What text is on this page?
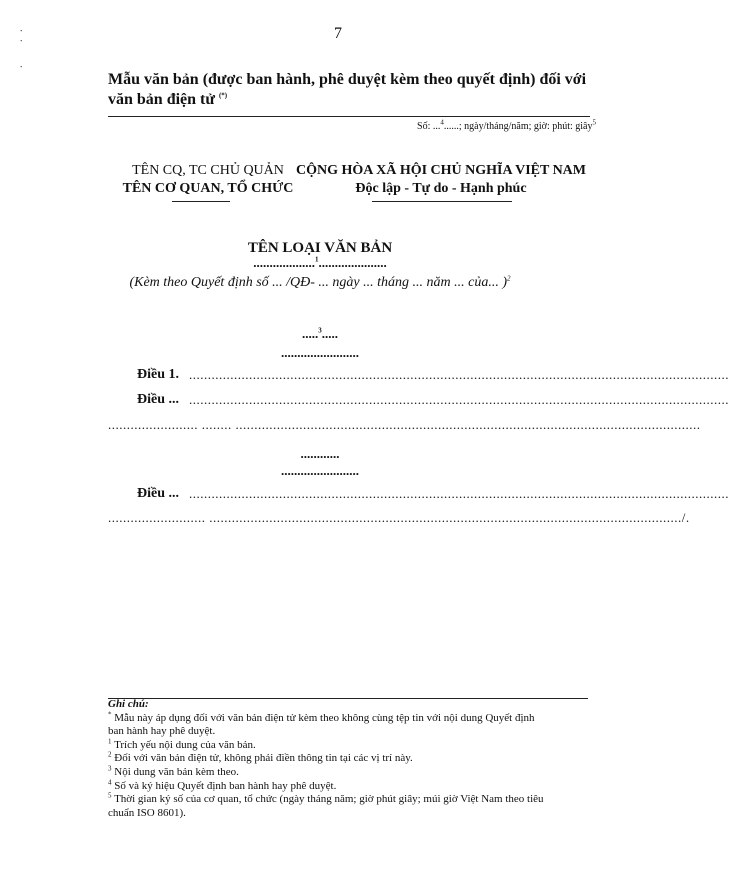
∙
∙
∙
7
Mẫu văn bản (được ban hành, phê duyệt kèm theo quyết định) đối với
văn bản điện tử (*)
Số: ...$^4$......; ngày/tháng/năm; giờ: phút: giây$^5$
TÊN CQ, TC CHỦ QUẢN
TÊN CƠ QUAN, TỔ CHỨC
CỘNG HÒA XÃ HỘI CHỦ NGHĨA VIỆT NAM
Độc lập - Tự do - Hạnh phúc
TÊN LOẠI VĂN BẢN
...................$^1$.....................
(Kèm theo Quyết định số ... /QĐ- ... ngày ... tháng ... năm ... của... )$^2$
.....$^3$.....
........................
Điều 1. ................................................................................................................................................
Điều ... ................................................................................................................................................
........................ ........ ............................................................................................................................
............
........................
Điều ... ................................................................................................................................................
.......................... ............................................................................................................................../.
Ghi chú:
* Mẫu này áp dụng đối với văn bản điện tử kèm theo không cùng tệp tin với nội dung Quyết định
ban hành hay phê duyệt.
$^1$ Trích yếu nội dung của văn bản.
$^2$ Đối với văn bản điện tử, không phải điền thông tin tại các vị trí này.
$^3$ Nội dung văn bản kèm theo.
$^4$ Số và ký hiệu Quyết định ban hành hay phê duyệt.
$^5$ Thời gian ký số của cơ quan, tổ chức (ngày tháng năm; giờ phút giây; múi giờ Việt Nam theo tiêu
chuẩn ISO 8601).
